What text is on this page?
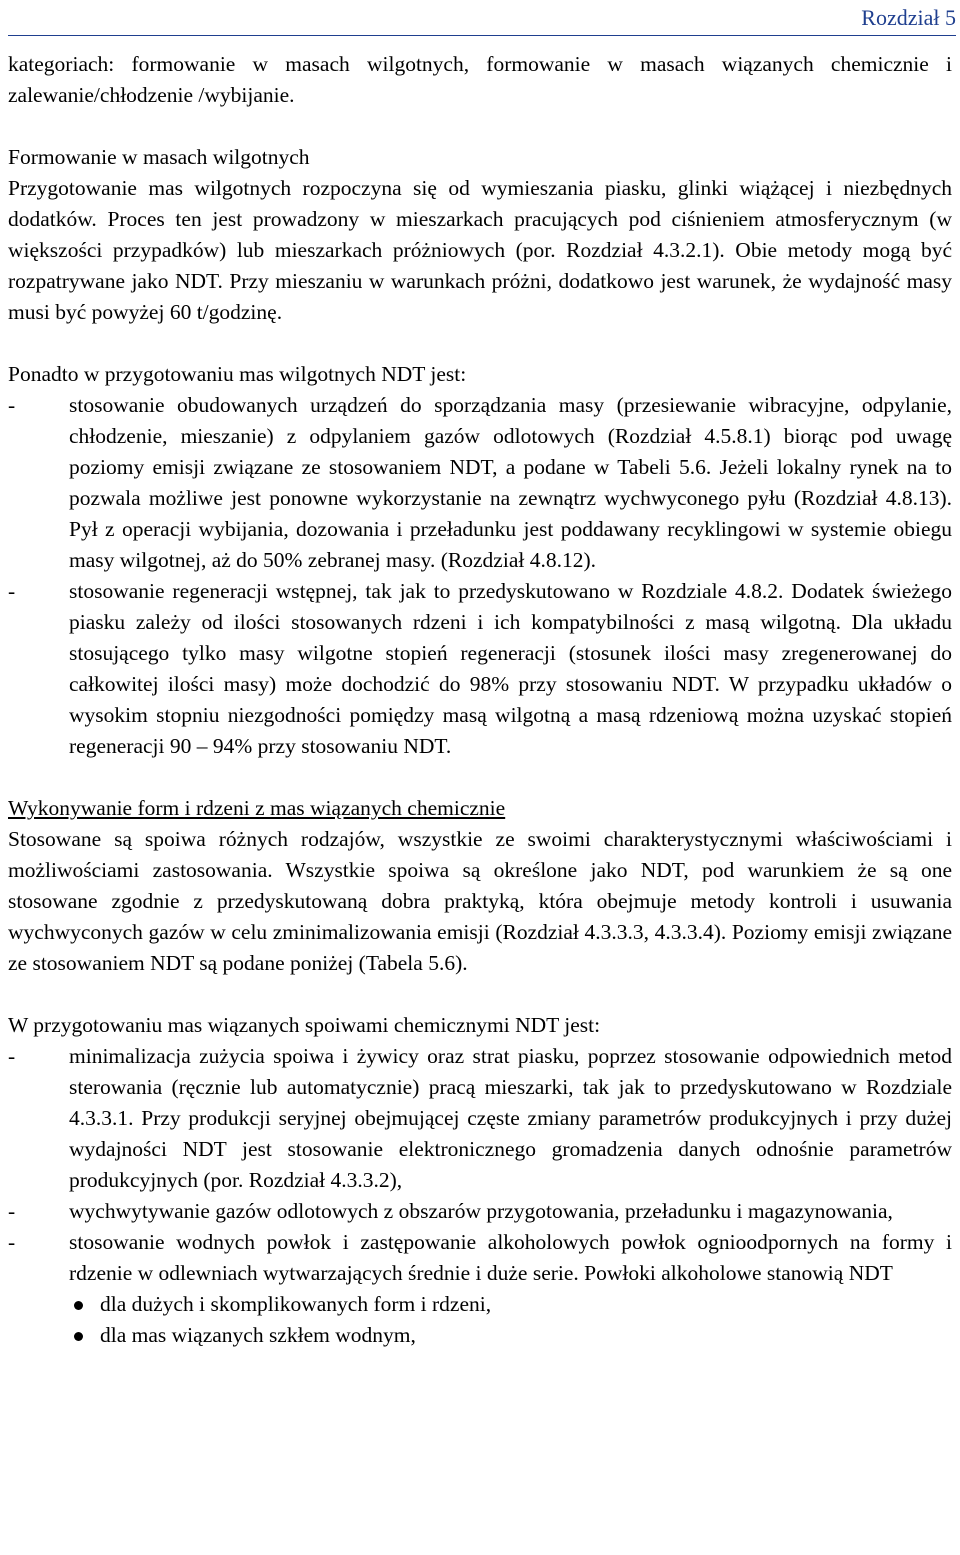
Rozdział 5

kategoriach: formowanie w masach wilgotnych, formowanie w masach wiązanych chemicznie i zalewanie/chłodzenie /wybijanie.

Formowanie w masach wilgotnych

Przygotowanie mas wilgotnych rozpoczyna się od wymieszania piasku, glinki wiążącej i niezbędnych dodatków. Proces ten jest prowadzony w mieszarkach pracujących pod ciśnieniem atmosferycznym (w większości przypadków) lub mieszarkach próżniowych (por. Rozdział 4.3.2.1). Obie metody mogą być rozpatrywane jako NDT. Przy mieszaniu w warunkach próżni, dodatkowo jest warunek, że wydajność masy musi być powyżej 60 t/godzinę.

Ponadto w przygotowaniu mas wilgotnych NDT jest:

-	stosowanie obudowanych urządzeń do sporządzania masy (przesiewanie wibracyjne, odpylanie, chłodzenie, mieszanie) z odpylaniem gazów odlotowych (Rozdział 4.5.8.1) biorąc pod uwagę poziomy emisji związane ze stosowaniem NDT, a podane w Tabeli 5.6. Jeżeli lokalny rynek na to pozwala możliwe jest ponowne wykorzystanie na zewnątrz wychwyconego pyłu (Rozdział 4.8.13). Pył z operacji wybijania, dozowania i przeładunku jest poddawany recyklingowi w systemie obiegu masy wilgotnej, aż do 50% zebranej masy. (Rozdział 4.8.12).
-	stosowanie regeneracji wstępnej, tak jak to przedyskutowano w Rozdziale 4.8.2. Dodatek świeżego piasku zależy od ilości stosowanych rdzeni i ich kompatybilności z masą wilgotną. Dla układu stosującego tylko masy wilgotne stopień regeneracji (stosunek ilości masy zregenerowanej do całkowitej ilości masy) może dochodzić do 98% przy stosowaniu NDT. W przypadku układów o wysokim stopniu niezgodności pomiędzy masą wilgotną a masą rdzeniową można uzyskać stopień regeneracji 90 – 94% przy stosowaniu NDT.

Wykonywanie form i rdzeni z mas wiązanych chemicznie

Stosowane są spoiwa różnych rodzajów, wszystkie ze swoimi charakterystycznymi właściwościami i możliwościami zastosowania. Wszystkie spoiwa są określone jako NDT, pod warunkiem że są one stosowane zgodnie z przedyskutowaną dobra praktyką, która obejmuje metody kontroli i usuwania wychwyconych gazów w celu zminimalizowania emisji (Rozdział 4.3.3.3, 4.3.3.4). Poziomy emisji związane ze stosowaniem NDT są podane poniżej (Tabela 5.6).

W przygotowaniu mas wiązanych spoiwami chemicznymi NDT jest:

-	minimalizacja zużycia spoiwa i żywicy oraz strat piasku, poprzez stosowanie odpowiednich metod sterowania (ręcznie lub automatycznie) pracą mieszarki, tak jak to przedyskutowano w Rozdziale 4.3.3.1. Przy produkcji seryjnej obejmującej częste zmiany parametrów produkcyjnych i przy dużej wydajności NDT jest stosowanie elektronicznego gromadzenia danych odnośnie parametrów produkcyjnych (por. Rozdział 4.3.3.2),
-	wychwytywanie gazów odlotowych z obszarów przygotowania, przeładunku i magazynowania,
-	stosowanie wodnych powłok i zastępowanie alkoholowych powłok ognioodpornych na formy i rdzenie w odlewniach wytwarzających średnie i duże serie. Powłoki alkoholowe stanowią NDT
dla dużych i skomplikowanych form i rdzeni,
dla mas wiązanych szkłem wodnym,
